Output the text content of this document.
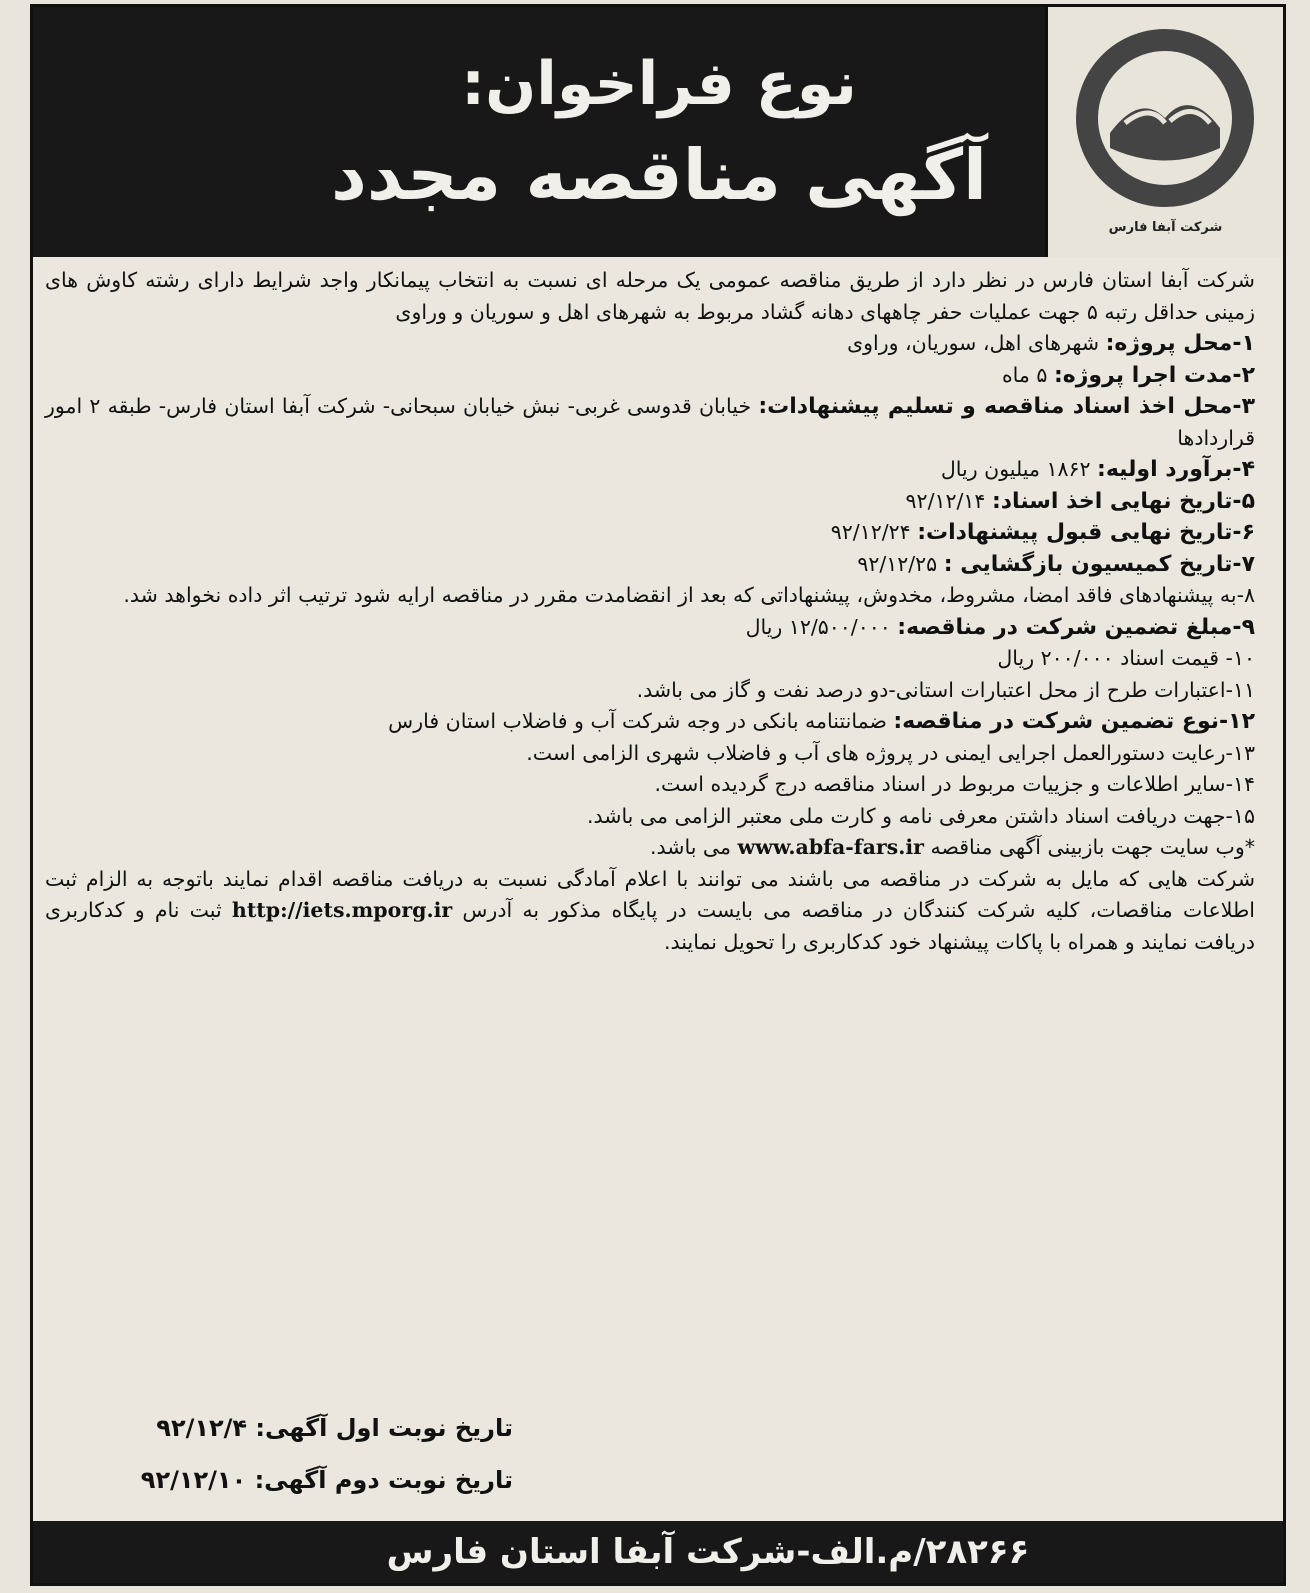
شرکت آبفا فارس
نوع فراخوان:
آگهی مناقصه مجدد

شرکت آبفا استان فارس در نظر دارد از طریق مناقصه عمومی یک مرحله ای نسبت به انتخاب پیمانکار واجد شرایط دارای رشته کاوش های زمینی حداقل رتبه ۵ جهت عملیات حفر چاههای دهانه گشاد مربوط به شهرهای اهل و سوریان و وراوی

۱-محل پروژه: شهرهای اهل، سوریان، وراوی

۲-مدت اجرا پروژه: ۵ ماه

۳-محل اخذ اسناد مناقصه و تسلیم پیشنهادات: خیابان قدوسی غربی- نبش خیابان سبحانی- شرکت آبفا استان فارس- طبقه ۲ امور قراردادها

۴-برآورد اولیه: ۱۸۶۲ میلیون ریال

۵-تاریخ نهایی اخذ اسناد: ۹۲/۱۲/۱۴

۶-تاریخ نهایی قبول پیشنهادات: ۹۲/۱۲/۲۴

۷-تاریخ کمیسیون بازگشایی : ۹۲/۱۲/۲۵

۸-به پیشنهادهای فاقد امضا، مشروط، مخدوش، پیشنهاداتی که بعد از انقضامدت مقرر در مناقصه ارایه شود ترتیب اثر داده نخواهد شد.

۹-مبلغ تضمین شرکت در مناقصه: ۱۲/۵۰۰/۰۰۰ ریال

۱۰- قیمت اسناد ۲۰۰/۰۰۰ ریال

۱۱-اعتبارات طرح از محل اعتبارات استانی-دو درصد نفت و گاز می باشد.

۱۲-نوع تضمین شرکت در مناقصه: ضمانتنامه بانکی در وجه شرکت آب و فاضلاب استان فارس

۱۳-رعایت دستورالعمل اجرایی ایمنی در پروژه های آب و فاضلاب شهری الزامی است.

۱۴-سایر اطلاعات و جزییات مربوط در اسناد مناقصه درج گردیده است.

۱۵-جهت دریافت اسناد داشتن معرفی نامه و کارت ملی معتبر الزامی می باشد.

*وب سایت جهت بازبینی آگهی مناقصه www.abfa-fars.ir می باشد.

شرکت هایی که مایل به شرکت در مناقصه می باشند می توانند با اعلام آمادگی نسبت به دریافت مناقصه اقدام نمایند باتوجه به الزام ثبت اطلاعات مناقصات، کلیه شرکت کنندگان در مناقصه می بایست در پایگاه مذکور به آدرس http://iets.mporg.ir ثبت نام و کدکاربری دریافت نمایند و همراه با پاکات پیشنهاد خود کدکاربری را تحویل نمایند.

تاریخ نوبت اول آگهی: ۹۲/۱۲/۴
تاریخ نوبت دوم آگهی: ۹۲/۱۲/۱۰
۲۸۲۶۶/م.الف-شرکت آبفا استان فارس
